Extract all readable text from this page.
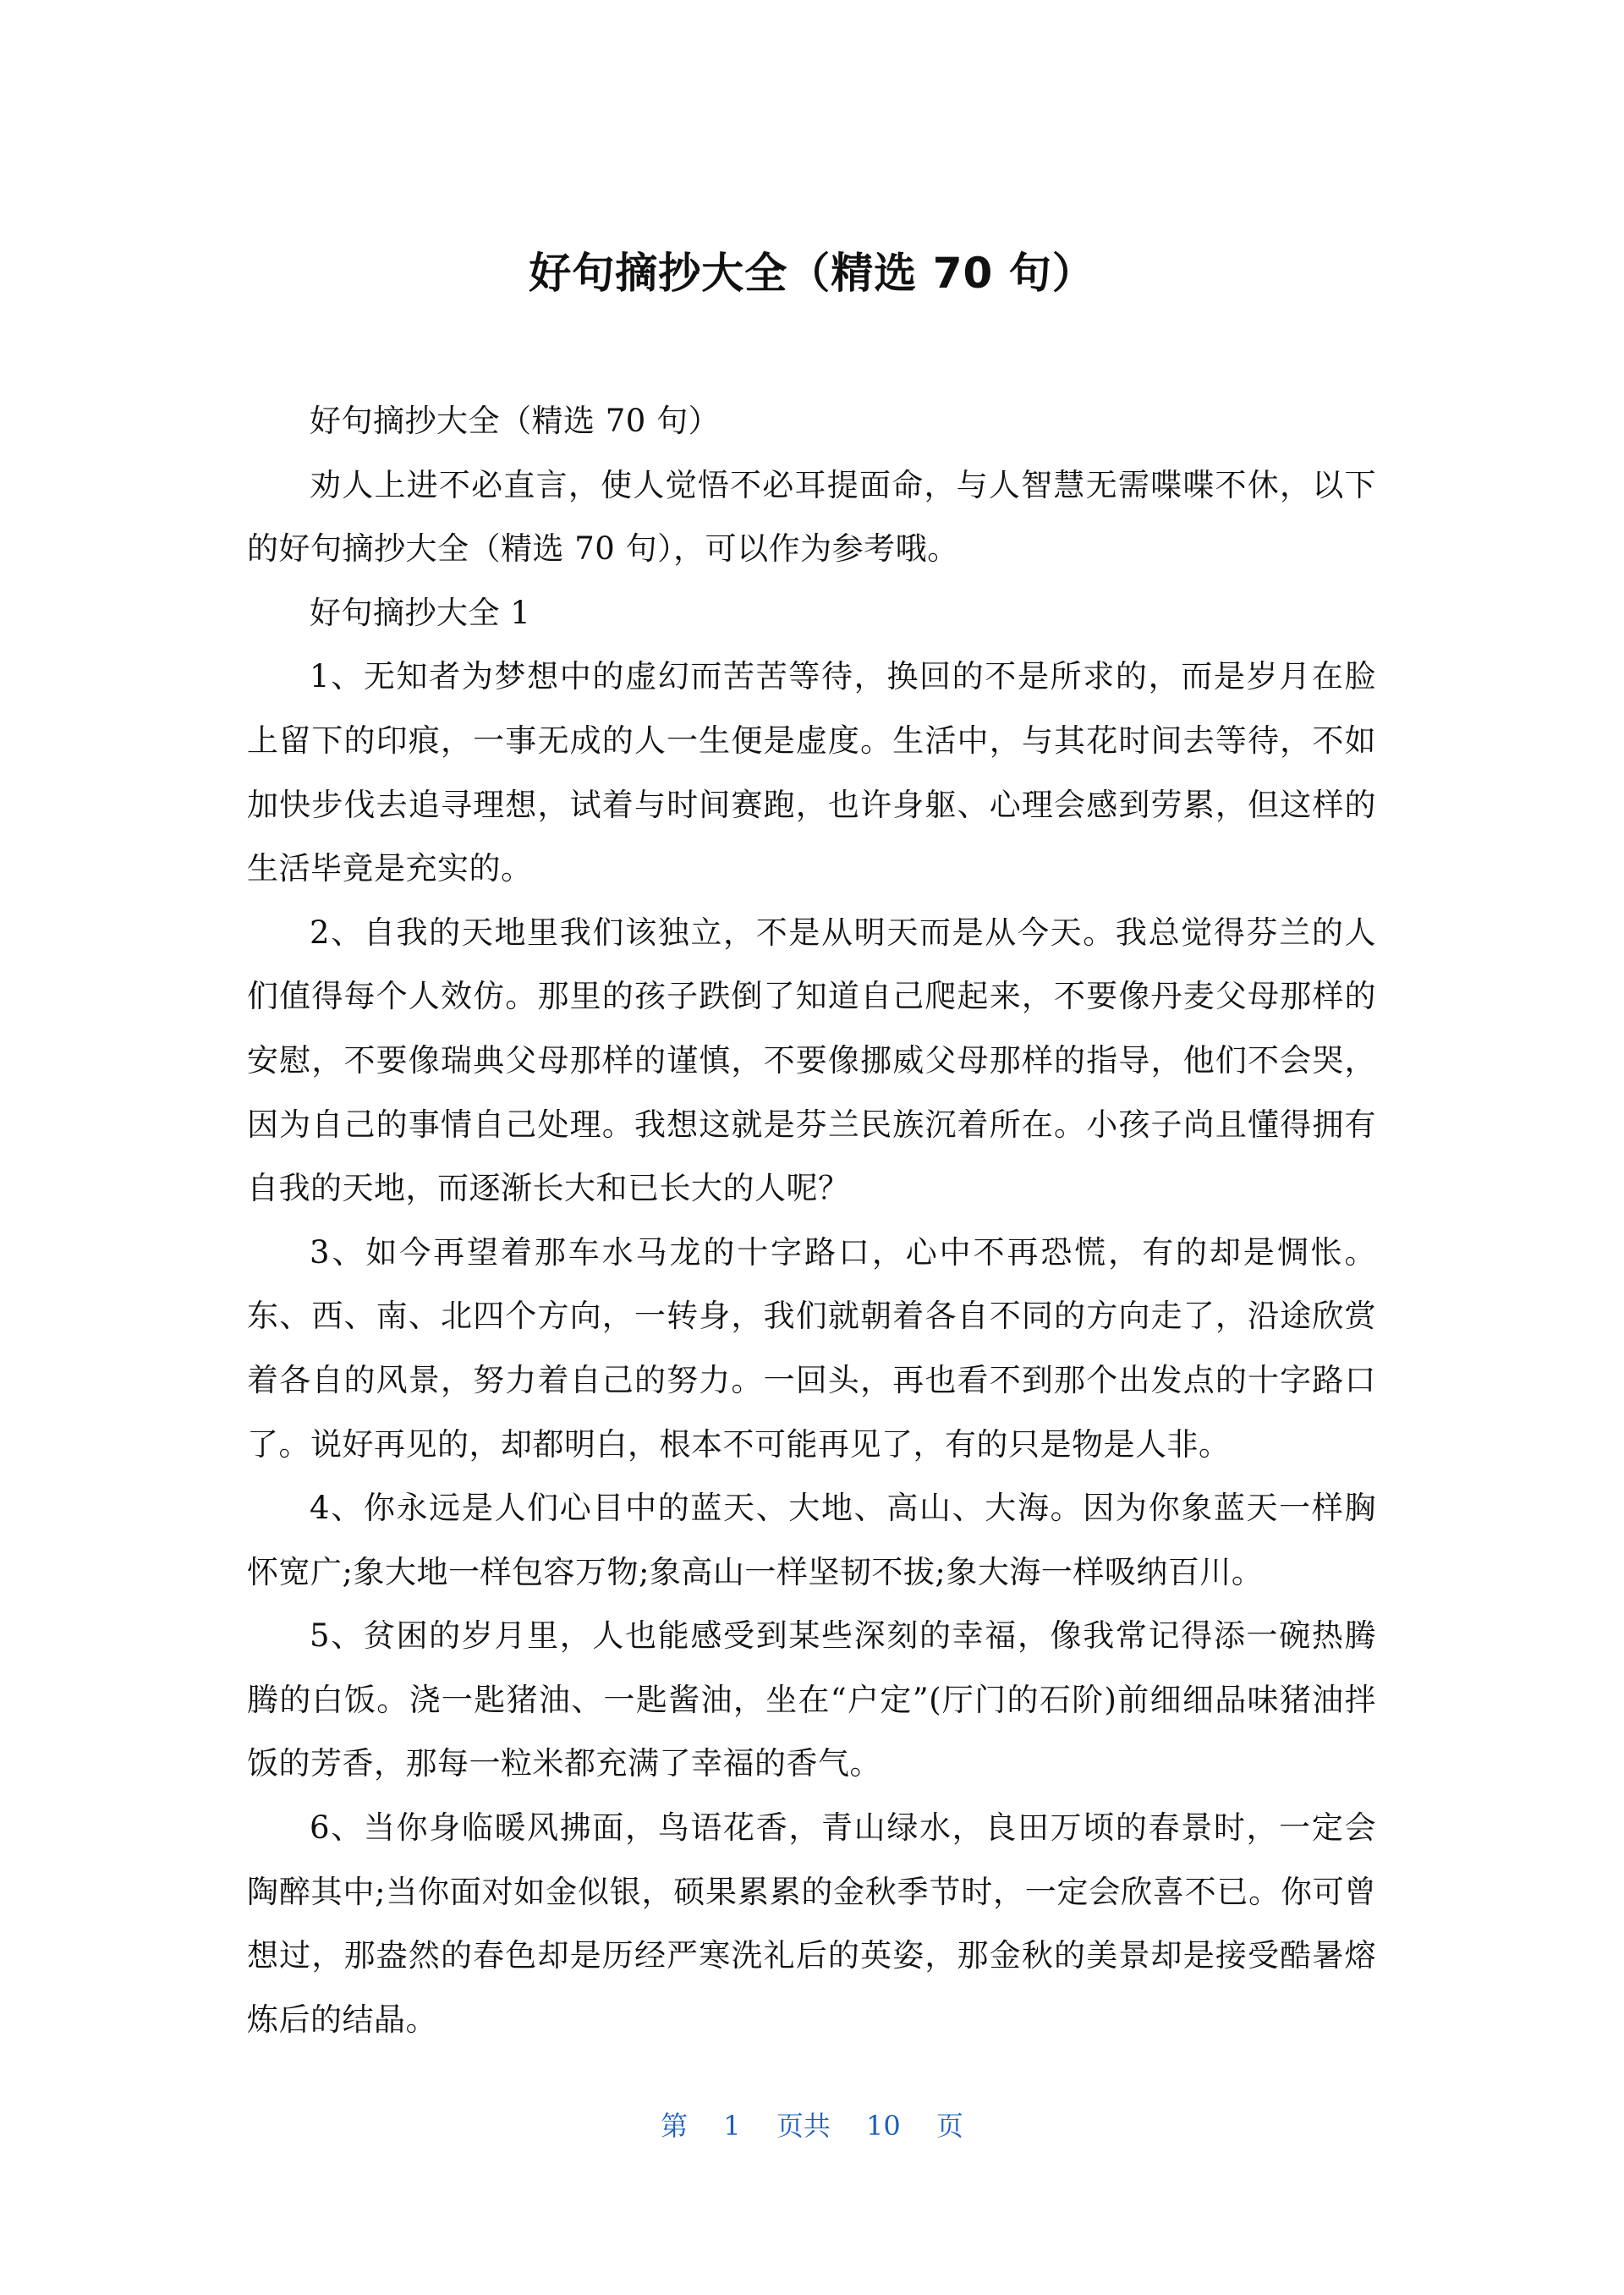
好句摘抄大全（精选 70 句）

好句摘抄大全（精选 70 句）

劝人上进不必直言，使人觉悟不必耳提面命，与人智慧无需喋喋不休，以下的好句摘抄大全（精选 70 句），可以作为参考哦。

好句摘抄大全 1

1、无知者为梦想中的虚幻而苦苦等待，换回的不是所求的，而是岁月在脸上留下的印痕，一事无成的人一生便是虚度。生活中，与其花时间去等待，不如加快步伐去追寻理想，试着与时间赛跑，也许身躯、心理会感到劳累，但这样的生活毕竟是充实的。

2、自我的天地里我们该独立，不是从明天而是从今天。我总觉得芬兰的人们值得每个人效仿。那里的孩子跌倒了知道自己爬起来，不要像丹麦父母那样的安慰，不要像瑞典父母那样的谨慎，不要像挪威父母那样的指导，他们不会哭，因为自己的事情自己处理。我想这就是芬兰民族沉着所在。小孩子尚且懂得拥有自我的天地，而逐渐长大和已长大的人呢？

3、如今再望着那车水马龙的十字路口，心中不再恐慌，有的却是惆怅。东、西、南、北四个方向，一转身，我们就朝着各自不同的方向走了，沿途欣赏着各自的风景，努力着自己的努力。一回头，再也看不到那个出发点的十字路口了。说好再见的，却都明白，根本不可能再见了，有的只是物是人非。

4、你永远是人们心目中的蓝天、大地、高山、大海。因为你象蓝天一样胸怀宽广;象大地一样包容万物;象高山一样坚韧不拔;象大海一样吸纳百川。

5、贫困的岁月里，人也能感受到某些深刻的幸福，像我常记得添一碗热腾腾的白饭。浇一匙猪油、一匙酱油，坐在“户定”(厅门的石阶)前细细品味猪油拌饭的芳香，那每一粒米都充满了幸福的香气。

6、当你身临暖风拂面，鸟语花香，青山绿水，良田万顷的春景时，一定会陶醉其中;当你面对如金似银，硕果累累的金秋季节时，一定会欣喜不已。你可曾想过，那盎然的春色却是历经严寒洗礼后的英姿，那金秋的美景却是接受酷暑熔炼后的结晶。

第 1 页共 10 页
